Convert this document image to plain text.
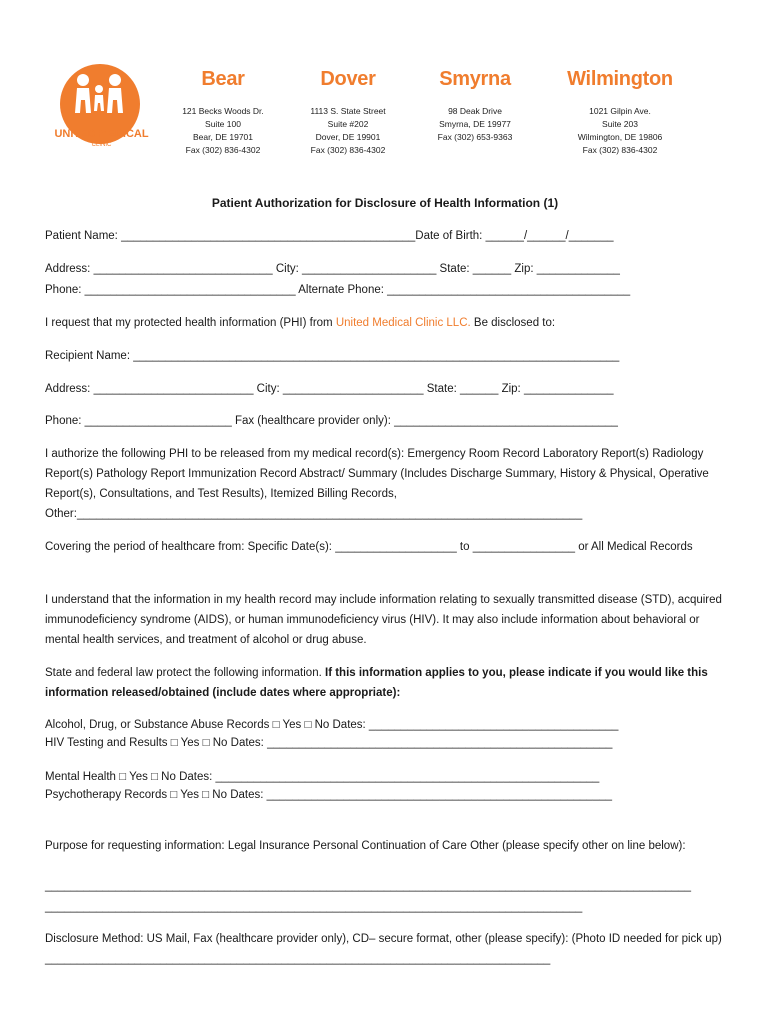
UNITED MEDICAL
CLINIC
Bear
121 Becks Woods Dr.
Suite 100
Bear, DE 19701
Fax (302) 836-4302
Dover
1113 S. State Street
Suite #202
Dover, DE 19901
Fax (302) 836-4302
Smyrna
98 Deak Drive
Smyrna, DE 19977
Fax (302) 653-9363
Wilmington
1021 Gilpin Ave.
Suite 203
Wilmington, DE 19806
Fax (302) 836-4302
Patient Authorization for Disclosure of Health Information (1)
Patient Name: ______________________________________________Date of Birth: ______/______/_______
Address: ____________________________ City: _____________________ State: ______ Zip: _____________
Phone: _________________________________ Alternate Phone: ______________________________________
I request that my protected health information (PHI) from United Medical Clinic LLC. Be disclosed to:
Recipient Name: ____________________________________________________________________________
Address: _________________________ City: ______________________ State: ______ Zip: ______________
Phone: _______________________ Fax (healthcare provider only): ___________________________________
I authorize the following PHI to be released from my medical record(s): Emergency Room Record Laboratory Report(s) Radiology Report(s) Pathology Report Immunization Record Abstract/ Summary (Includes Discharge Summary, History & Physical, Operative Report(s), Consultations, and Test Results), Itemized Billing Records, Other:_______________________________________________________________________________
Covering the period of healthcare from: Specific Date(s): ___________________ to ________________ or All Medical Records
I understand that the information in my health record may include information relating to sexually transmitted disease (STD), acquired immunodeficiency syndrome (AIDS), or human immunodeficiency virus (HIV). It may also include information about behavioral or mental health services, and treatment of alcohol or drug abuse.
State and federal law protect the following information. If this information applies to you, please indicate if you would like this information released/obtained (include dates where appropriate):
Alcohol, Drug, or Substance Abuse Records □ Yes □ No Dates: _______________________________________
HIV Testing and Results □ Yes □ No Dates: ______________________________________________________
Mental Health □ Yes □ No Dates: ____________________________________________________________
Psychotherapy Records □ Yes □ No Dates: ______________________________________________________
Purpose for requesting information: Legal Insurance Personal Continuation of Care Other (please specify other on line below):
_____________________________________________________________________________________________________
____________________________________________________________________________________
Disclosure Method: US Mail, Fax (healthcare provider only), CD– secure format, other (please specify): (Photo ID needed for pick up) _______________________________________________________________________________
